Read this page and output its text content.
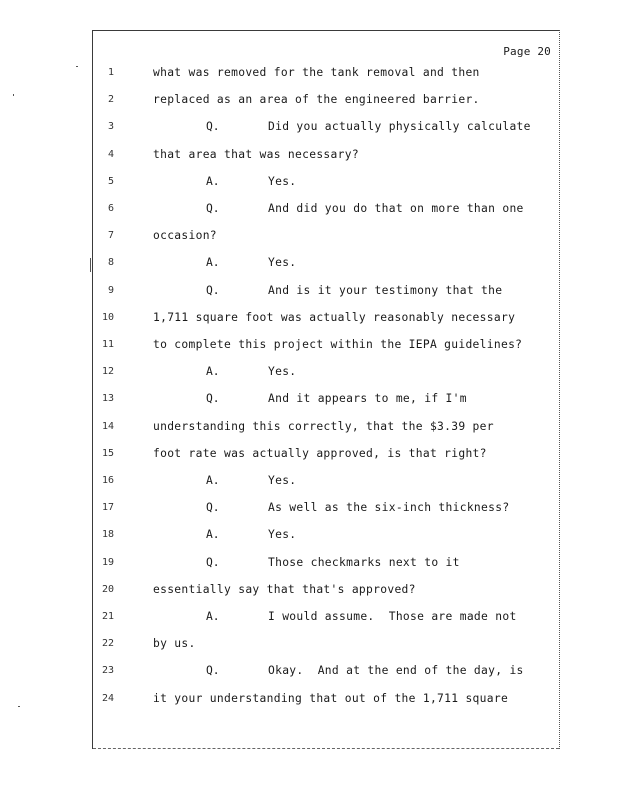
Page 20
1	what was removed for the tank removal and then
2	replaced as an area of the engineered barrier.
3	Q.	Did you actually physically calculate
4	that area that was necessary?
5	A.	Yes.
6	Q.	And did you do that on more than one
7	occasion?
8	A.	Yes.
9	Q.	And is it your testimony that the
10	1,711 square foot was actually reasonably necessary
11	to complete this project within the IEPA guidelines?
12	A.	Yes.
13	Q.	And it appears to me, if I'm
14	understanding this correctly, that the $3.39 per
15	foot rate was actually approved, is that right?
16	A.	Yes.
17	Q.	As well as the six-inch thickness?
18	A.	Yes.
19	Q.	Those checkmarks next to it
20	essentially say that that's approved?
21	A.	I would assume.  Those are made not
22	by us.
23	Q.	Okay.  And at the end of the day, is
24	it your understanding that out of the 1,711 square
